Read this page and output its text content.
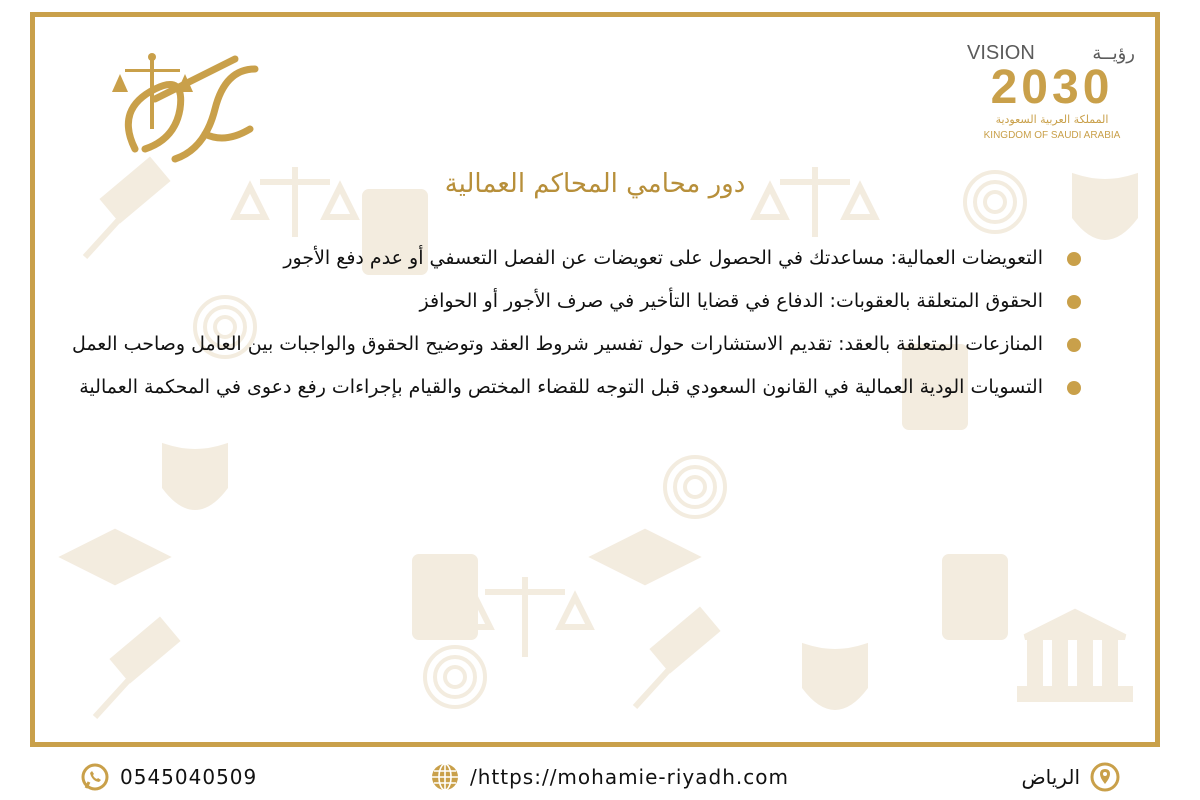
VISION	رؤيــة
2030
المملكة العربية السعودية
KINGDOM OF SAUDI ARABIA
دور محامي المحاكم العمالية
التعويضات العمالية: مساعدتك في الحصول على تعويضات عن الفصل التعسفي أو عدم دفع الأجور
الحقوق المتعلقة بالعقوبات: الدفاع في قضايا التأخير في صرف الأجور أو الحوافز
المنازعات المتعلقة بالعقد: تقديم الاستشارات حول تفسير شروط العقد وتوضيح الحقوق والواجبات بين العامل وصاحب العمل
التسويات الودية العمالية في القانون السعودي قبل التوجه للقضاء المختص والقيام بإجراءات رفع دعوى في المحكمة العمالية
0545040509	/https://mohamie-riyadh.com	الرياض
